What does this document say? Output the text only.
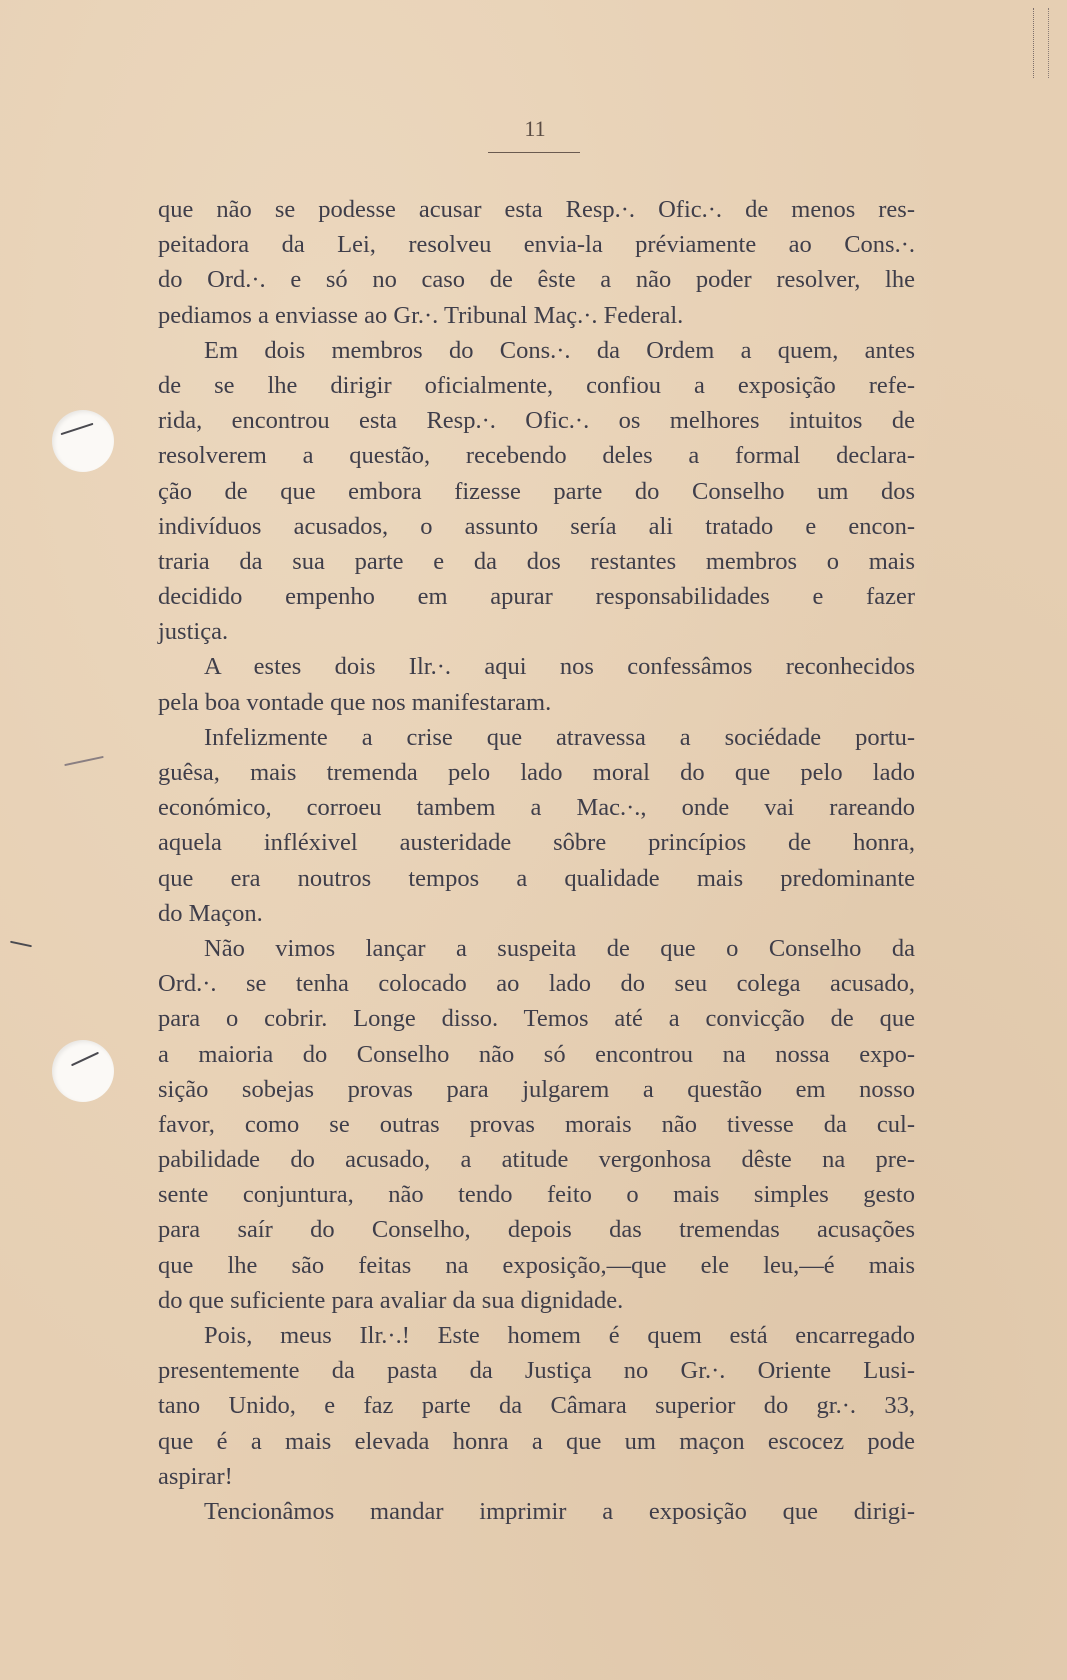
11
que não se podesse acusar esta Resp.·. Ofic.·. de menos res-
peitadora da Lei, resolveu envia-la préviamente ao Cons.·.
do Ord.·. e só no caso de êste a não poder resolver, lhe
pediamos a enviasse ao Gr.·. Tribunal Maç.·. Federal.
Em dois membros do Cons.·. da Ordem a quem, antes
de se lhe dirigir oficialmente, confiou a exposição refe-
rida, encontrou esta Resp.·. Ofic.·. os melhores intuitos de
resolverem a questão, recebendo deles a formal declara-
ção de que embora fizesse parte do Conselho um dos
indivíduos acusados, o assunto sería ali tratado e encon-
traria da sua parte e da dos restantes membros o mais
decidido empenho em apurar responsabilidades e fazer
justiça.
A estes dois Ilr.·. aqui nos confessâmos reconhecidos
pela boa vontade que nos manifestaram.
Infelizmente a crise que atravessa a sociédade portu-
guêsa, mais tremenda pelo lado moral do que pelo lado
económico, corroeu tambem a Mac.·., onde vai rareando
aquela infléxivel austeridade sôbre princípios de honra,
que era noutros tempos a qualidade mais predominante
do Maçon.
Não vimos lançar a suspeita de que o Conselho da
Ord.·. se tenha colocado ao lado do seu colega acusado,
para o cobrir. Longe disso. Temos até a convicção de que
a maioria do Conselho não só encontrou na nossa expo-
sição sobejas provas para julgarem a questão em nosso
favor, como se outras provas morais não tivesse da cul-
pabilidade do acusado, a atitude vergonhosa dêste na pre-
sente conjuntura, não tendo feito o mais simples gesto
para saír do Conselho, depois das tremendas acusações
que lhe são feitas na exposição,—que ele leu,—é mais
do que suficiente para avaliar da sua dignidade.
Pois, meus Ilr.·.! Este homem é quem está encarregado
presentemente da pasta da Justiça no Gr.·. Oriente Lusi-
tano Unido, e faz parte da Câmara superior do gr.·. 33,
que é a mais elevada honra a que um maçon escocez pode
aspirar!
Tencionâmos mandar imprimir a exposição que dirigi-
